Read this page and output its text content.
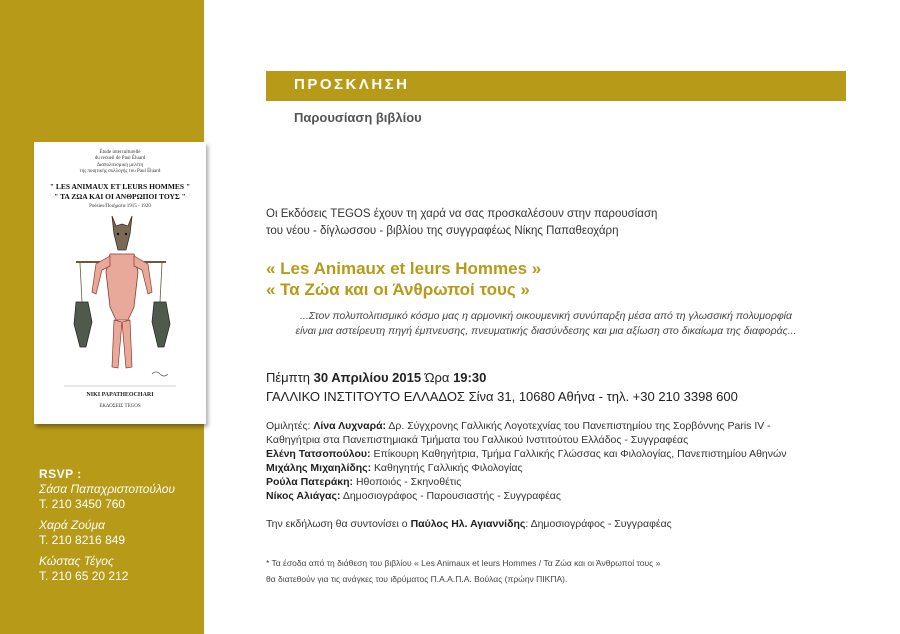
Étude interculturelle
du recueil de Paul Éluard
Διαπολιτισμική μελέτη
της ποιητικής συλλογής του Paul Éluard
" LES ANIMAUX ET LEURS HOMMES "
" ΤΑ ΖΩΑ ΚΑΙ ΟΙ ΑΝΘΡΩΠΟΙ ΤΟΥΣ "
Poésies/Ποιήματα 1915 - 1920
NIKI PAPATHEOCHARI
ΕΚΔΟΣΕΙΣ TEGOS
RSVP :
Σάσα Παπαχριστοπούλου
Τ. 210 3450 760
Χαρά Ζούμα
Τ. 210 8216 849
Κώστας Τέγος
Τ. 210 65 20 212
ΠΡΟΣΚΛΗΣΗ
Παρουσίαση βιβλίου
Οι Εκδόσεις TEGOS έχουν τη χαρά να σας προσκαλέσουν στην παρουσίαση
του νέου - δίγλωσσου - βιβλίου της συγγραφέως Νίκης Παπαθεοχάρη
« Les Animaux et leurs Hommes »
« Τα Ζώα και οι Άνθρωποί τους »
...Στον πολυπολιτισμικό κόσμο μας η αρμονική οικουμενική συνύπαρξη μέσα από τη γλωσσική πολυμορφία
είναι μια αστείρευτη πηγή έμπνευσης, πνευματικής διασύνδεσης και μια αξίωση στο δικαίωμα της διαφοράς...
Πέμπτη 30 Απριλίου 2015 Ώρα 19:30
ΓΑΛΛΙΚΟ ΙΝΣΤΙΤΟΥΤΟ ΕΛΛΑΔΟΣ Σίνα 31, 10680 Αθήνα - τηλ. +30 210 3398 600
Ομιλητές: Λίνα Λυχναρά: Δρ. Σύγχρονης Γαλλικής Λογοτεχνίας του Πανεπιστημίου της Σορβόννης Paris IV -
Καθηγήτρια στα Πανεπιστημιακά Τμήματα του Γαλλικού Ινστιτούτου Ελλάδος - Συγγραφέας
Ελένη Τατσοπούλου: Επίκουρη Καθηγήτρια, Τμήμα Γαλλικής Γλώσσας και Φιλολογίας, Πανεπιστημίου Αθηνών
Μιχάλης Μιχαηλίδης: Καθηγητής Γαλλικής Φιλολογίας
Ρούλα Πατεράκη: Ηθοποιός - Σκηνοθέτις
Νίκος Αλιάγας: Δημοσιογράφος - Παρουσιαστής - Συγγραφέας
Την εκδήλωση θα συντονίσει ο Παύλος Ηλ. Αγιαννίδης: Δημοσιογράφος - Συγγραφέας
* Τα έσοδα από τη διάθεση του βιβλίου « Les Animaux et leurs Hommes / Τα Ζώα και οι Άνθρωποί τους »
θα διατεθούν για τις ανάγκες του ιδρύματος Π.Α.Α.Π.Α. Βούλας (πρώην ΠΙΚΠΑ).
